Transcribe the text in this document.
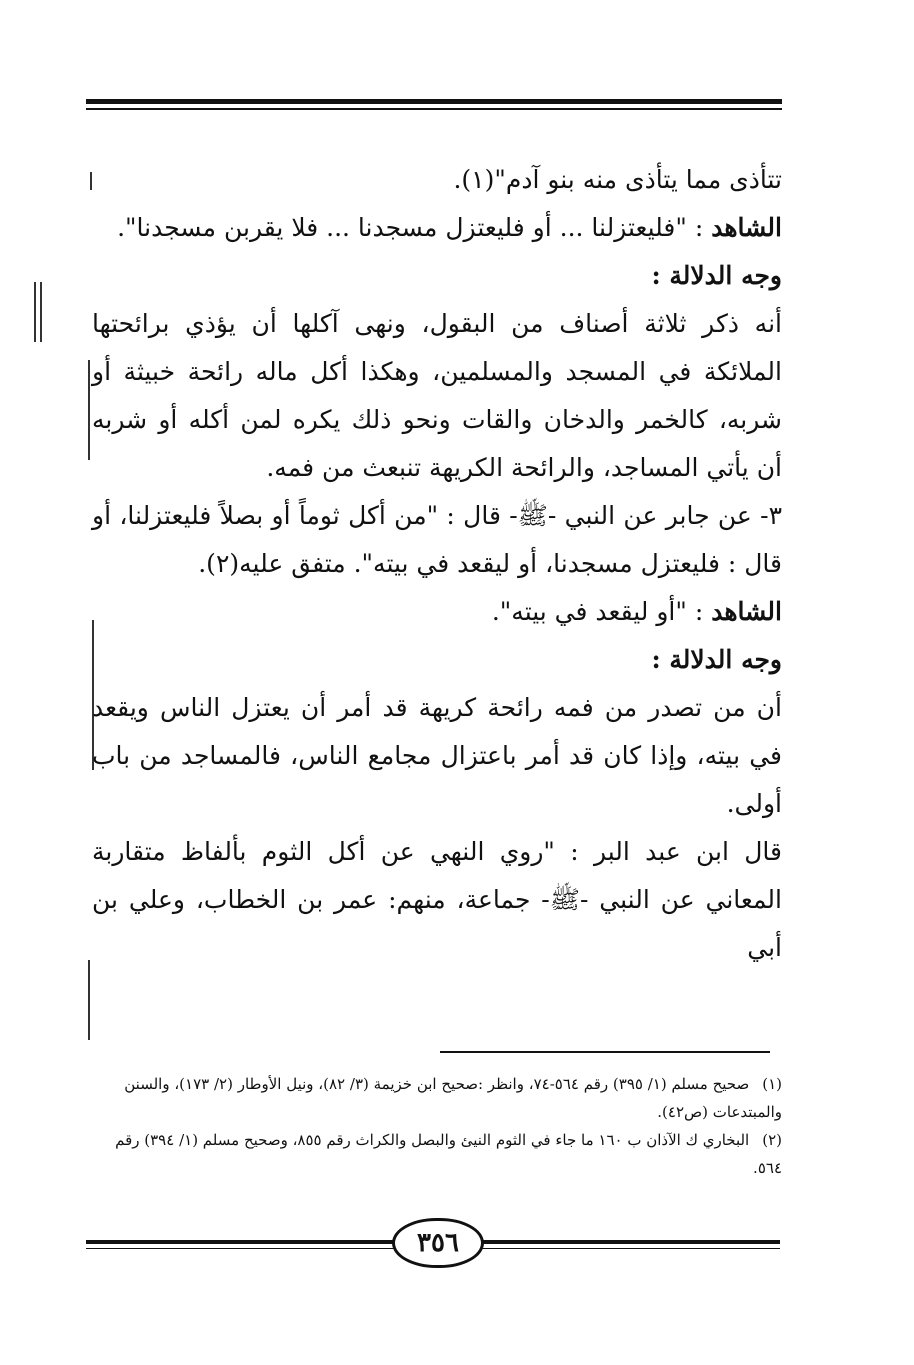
تتأذى مما يتأذى منه بنو آدم"(١).

الشاهد : "فليعتزلنا ... أو فليعتزل مسجدنا ... فلا يقربن مسجدنا".

وجه الدلالة :

أنه ذكر ثلاثة أصناف من البقول، ونهى آكلها أن يؤذي برائحتها الملائكة في المسجد والمسلمين، وهكذا أكل ماله رائحة خبيثة أو شربه، كالخمر والدخان والقات ونحو ذلك يكره لمن أكله أو شربه أن يأتي المساجد، والرائحة الكريهة تنبعث من فمه.

٣- عن جابر عن النبي -ﷺ- قال : "من أكل ثوماً أو بصلاً فليعتزلنا، أو قال : فليعتزل مسجدنا، أو ليقعد في بيته". متفق عليه(٢).

الشاهد : "أو ليقعد في بيته".

وجه الدلالة :

أن من تصدر من فمه رائحة كريهة قد أمر أن يعتزل الناس ويقعد في بيته، وإذا كان قد أمر باعتزال مجامع الناس، فالمساجد من باب أولى.

قال ابن عبد البر : "روي النهي عن أكل الثوم بألفاظ متقاربة المعاني عن النبي -ﷺ- جماعة، منهم: عمر بن الخطاب، وعلي بن أبي

(١) صحيح مسلم (١/ ٣٩٥) رقم ٥٦٤-٧٤، وانظر :صحيح ابن خزيمة (٣/ ٨٢)، ونيل الأوطار (٢/ ١٧٣)، والسنن والمبتدعات (ص٤٢).

(٢) البخاري ك الآذان ب ١٦٠ ما جاء في الثوم النيئ والبصل والكراث رقم ٨٥٥، وصحيح مسلم (١/ ٣٩٤) رقم ٥٦٤.

٣٥٦
